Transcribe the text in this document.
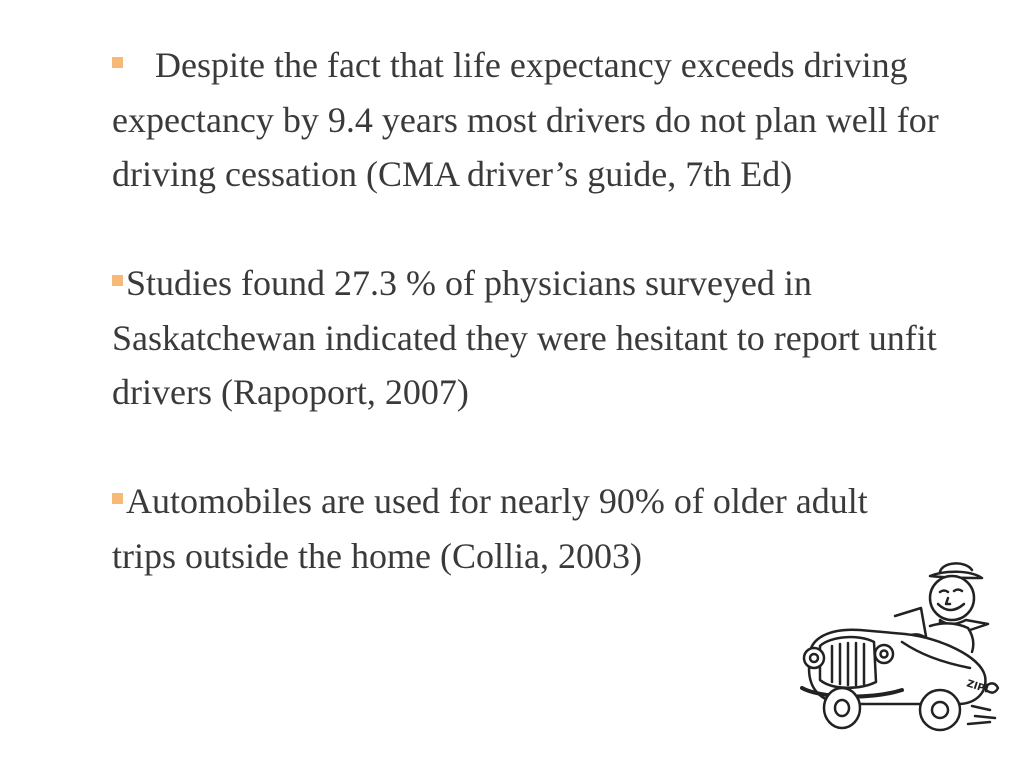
Despite the fact that life expectancy exceeds driving expectancy by 9.4 years most drivers do not plan well for driving cessation (CMA driver’s guide, 7th Ed)

Studies found 27.3 % of physicians surveyed in Saskatchewan indicated they were hesitant to report unfit drivers (Rapoport, 2007)

Automobiles are used for nearly 90% of older adult trips outside the home (Collia, 2003)

ZIP!
